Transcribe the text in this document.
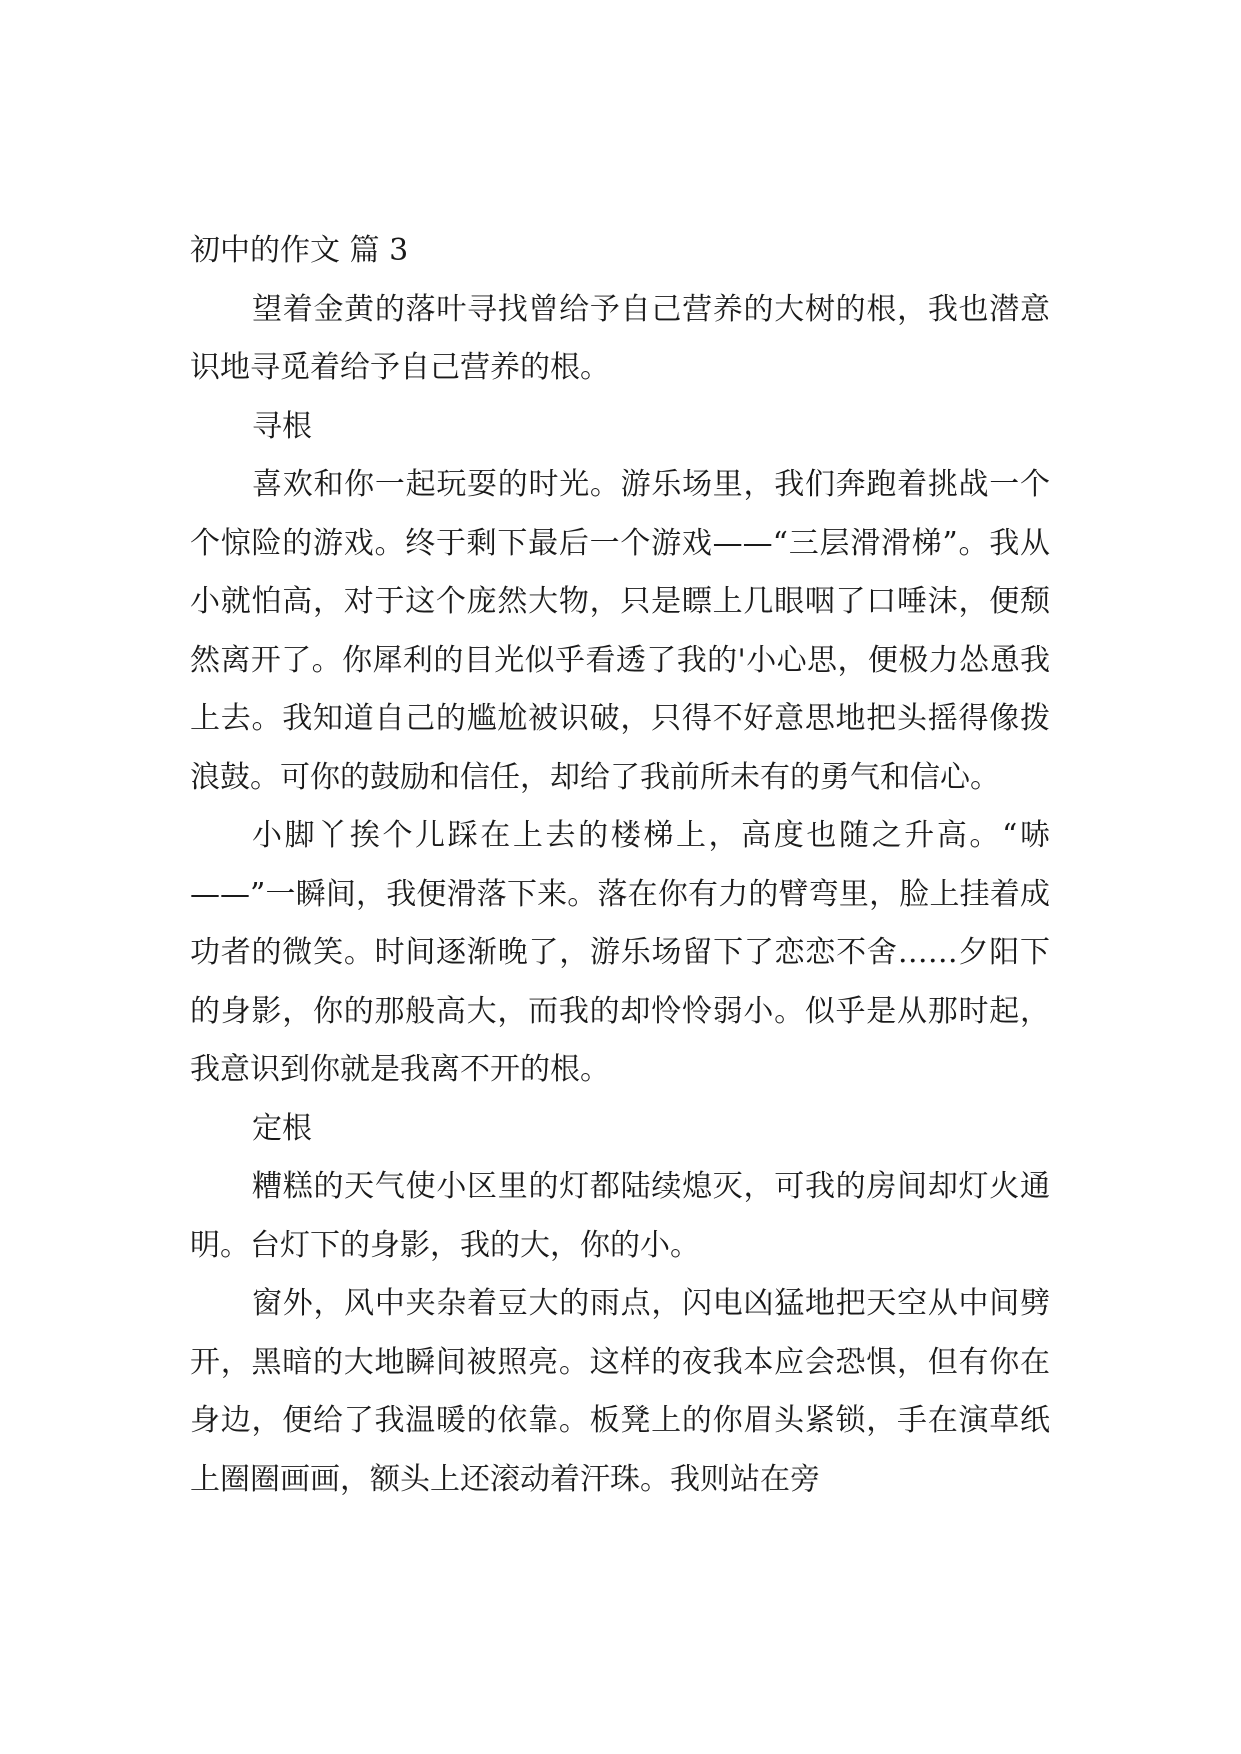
初中的作文 篇 3

望着金黄的落叶寻找曾给予自己营养的大树的根，我也潜意识地寻觅着给予自己营养的根。

寻根

喜欢和你一起玩耍的时光。游乐场里，我们奔跑着挑战一个个惊险的游戏。终于剩下最后一个游戏——“三层滑滑梯”。我从小就怕高，对于这个庞然大物，只是瞟上几眼咽了口唾沫，便颓然离开了。你犀利的目光似乎看透了我的'小心思，便极力怂恿我上去。我知道自己的尴尬被识破，只得不好意思地把头摇得像拨浪鼓。可你的鼓励和信任，却给了我前所未有的勇气和信心。

小脚丫挨个儿踩在上去的楼梯上，高度也随之升高。“哧——”一瞬间，我便滑落下来。落在你有力的臂弯里，脸上挂着成功者的微笑。时间逐渐晚了，游乐场留下了恋恋不舍……夕阳下的身影，你的那般高大，而我的却怜怜弱小。似乎是从那时起，我意识到你就是我离不开的根。

定根

糟糕的天气使小区里的灯都陆续熄灭，可我的房间却灯火通明。台灯下的身影，我的大，你的小。

窗外，风中夹杂着豆大的雨点，闪电凶猛地把天空从中间劈开，黑暗的大地瞬间被照亮。这样的夜我本应会恐惧，但有你在身边，便给了我温暖的依靠。板凳上的你眉头紧锁，手在演草纸上圈圈画画，额头上还滚动着汗珠。我则站在旁
